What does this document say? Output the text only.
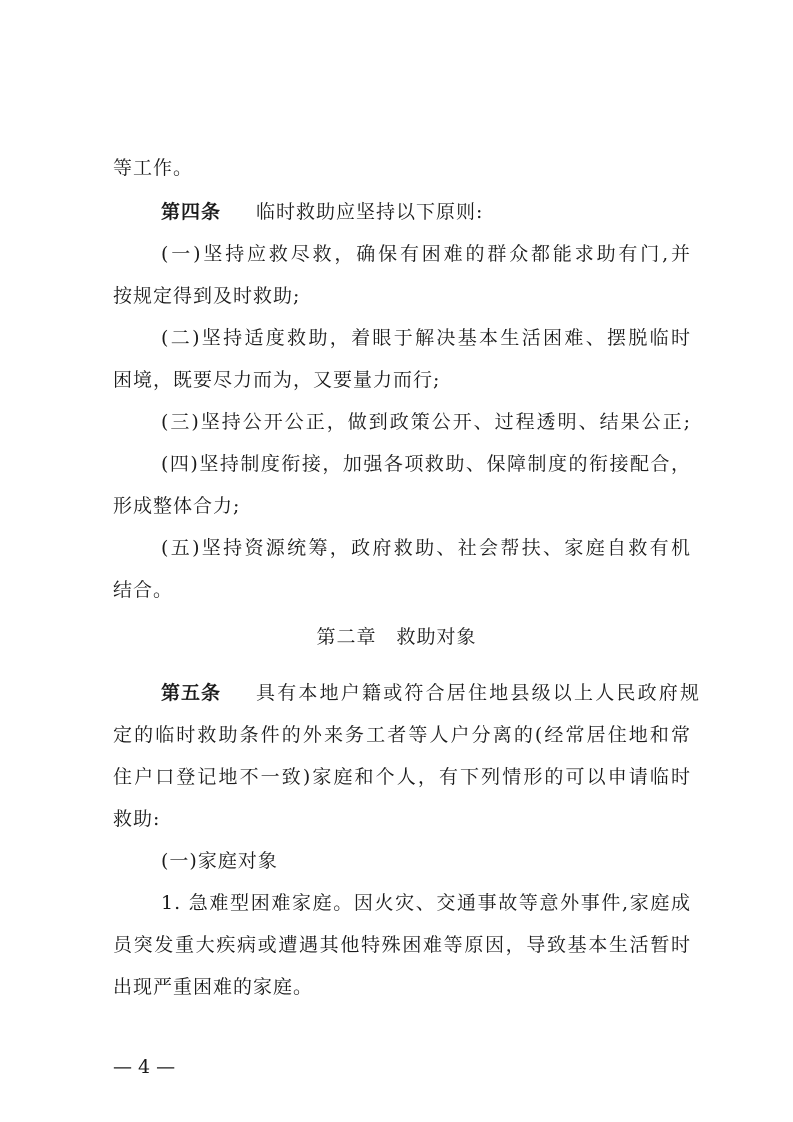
等工作。
第四条 临时救助应坚持以下原则:
(一)坚持应救尽救，确保有困难的群众都能求助有门,并
按规定得到及时救助;
(二)坚持适度救助，着眼于解决基本生活困难、摆脱临时
困境，既要尽力而为，又要量力而行;
(三)坚持公开公正，做到政策公开、过程透明、结果公正;
(四)坚持制度衔接，加强各项救助、保障制度的衔接配合，
形成整体合力;
(五)坚持资源统筹，政府救助、社会帮扶、家庭自救有机
结合。
第二章　救助对象
第五条 具有本地户籍或符合居住地县级以上人民政府规
定的临时救助条件的外来务工者等人户分离的(经常居住地和常
住户口登记地不一致)家庭和个人，有下列情形的可以申请临时
救助:
(一)家庭对象
1. 急难型困难家庭。因火灾、交通事故等意外事件,家庭成
员突发重大疾病或遭遇其他特殊困难等原因，导致基本生活暂时
出现严重困难的家庭。
— 4 —
